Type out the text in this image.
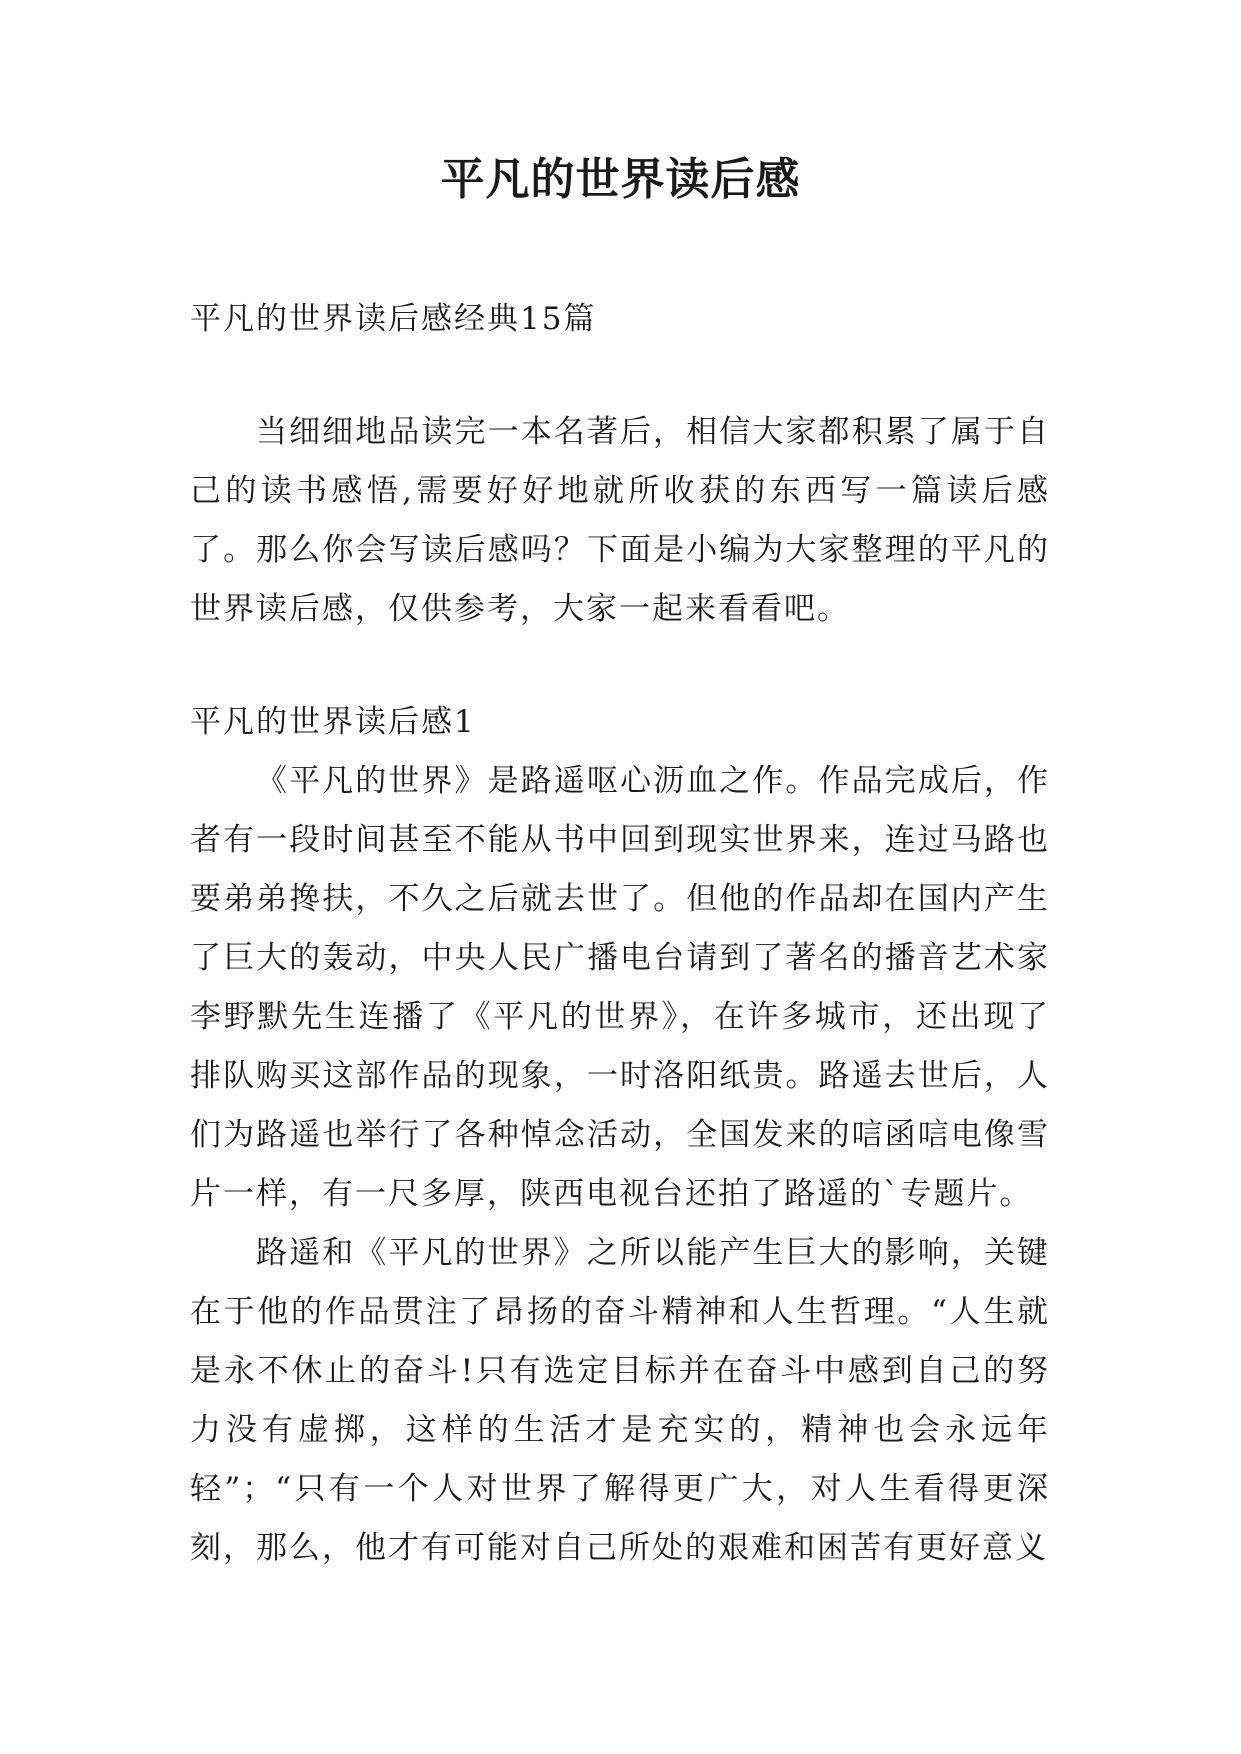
平凡的世界读后感
平凡的世界读后感经典15篇
当细细地品读完一本名著后，相信大家都积累了属于自己的读书感悟,需要好好地就所收获的东西写一篇读后感了。那么你会写读后感吗？下面是小编为大家整理的平凡的世界读后感，仅供参考，大家一起来看看吧。
平凡的世界读后感1
《平凡的世界》是路遥呕心沥血之作。作品完成后，作者有一段时间甚至不能从书中回到现实世界来，连过马路也要弟弟搀扶，不久之后就去世了。但他的作品却在国内产生了巨大的轰动，中央人民广播电台请到了著名的播音艺术家李野默先生连播了《平凡的世界》，在许多城市，还出现了排队购买这部作品的现象，一时洛阳纸贵。路遥去世后，人们为路遥也举行了各种悼念活动，全国发来的唁函唁电像雪片一样，有一尺多厚，陕西电视台还拍了路遥的`专题片。
路遥和《平凡的世界》之所以能产生巨大的影响，关键在于他的作品贯注了昂扬的奋斗精神和人生哲理。“人生就是永不休止的奋斗!只有选定目标并在奋斗中感到自己的努力没有虚掷，这样的生活才是充实的，精神也会永远年轻”；“只有一个人对世界了解得更广大，对人生看得更深刻，那么，他才有可能对自己所处的艰难和困苦有更好意义
